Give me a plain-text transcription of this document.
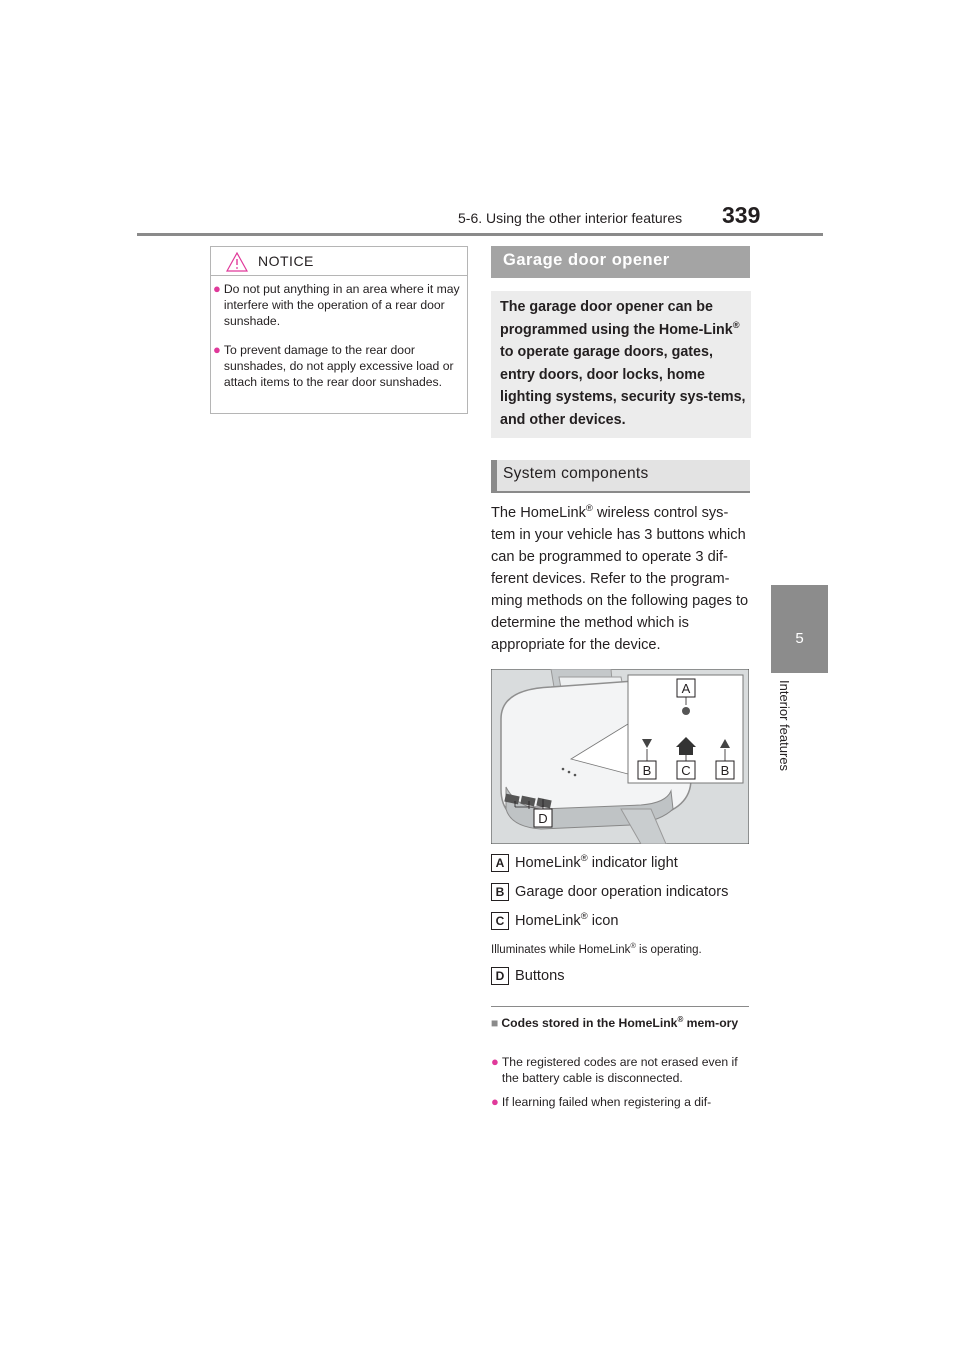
5-6. Using the other interior features 339
5
Interior features
NOTICE
● Do not put anything in an area where it may interfere with the operation of a rear door sunshade.
● To prevent damage to the rear door sunshades, do not apply excessive load or attach items to the rear door sunshades.
Garage door opener
The garage door opener can be programmed using the Home-Link® to operate garage doors, gates, entry doors, door locks, home lighting systems, security sys-tems, and other devices.
System components
The HomeLink® wireless control sys-tem in your vehicle has 3 buttons which can be programmed to operate 3 dif-ferent devices. Refer to the program-ming methods on the following pages to determine the method which is appropriate for the device.
A
B C B
D
A HomeLink® indicator light
B Garage door operation indicators
C HomeLink® icon
Illuminates while HomeLink® is operating.
D Buttons
■ Codes stored in the HomeLink® mem-ory
● The registered codes are not erased even if the battery cable is disconnected.
● If learning failed when registering a dif-
